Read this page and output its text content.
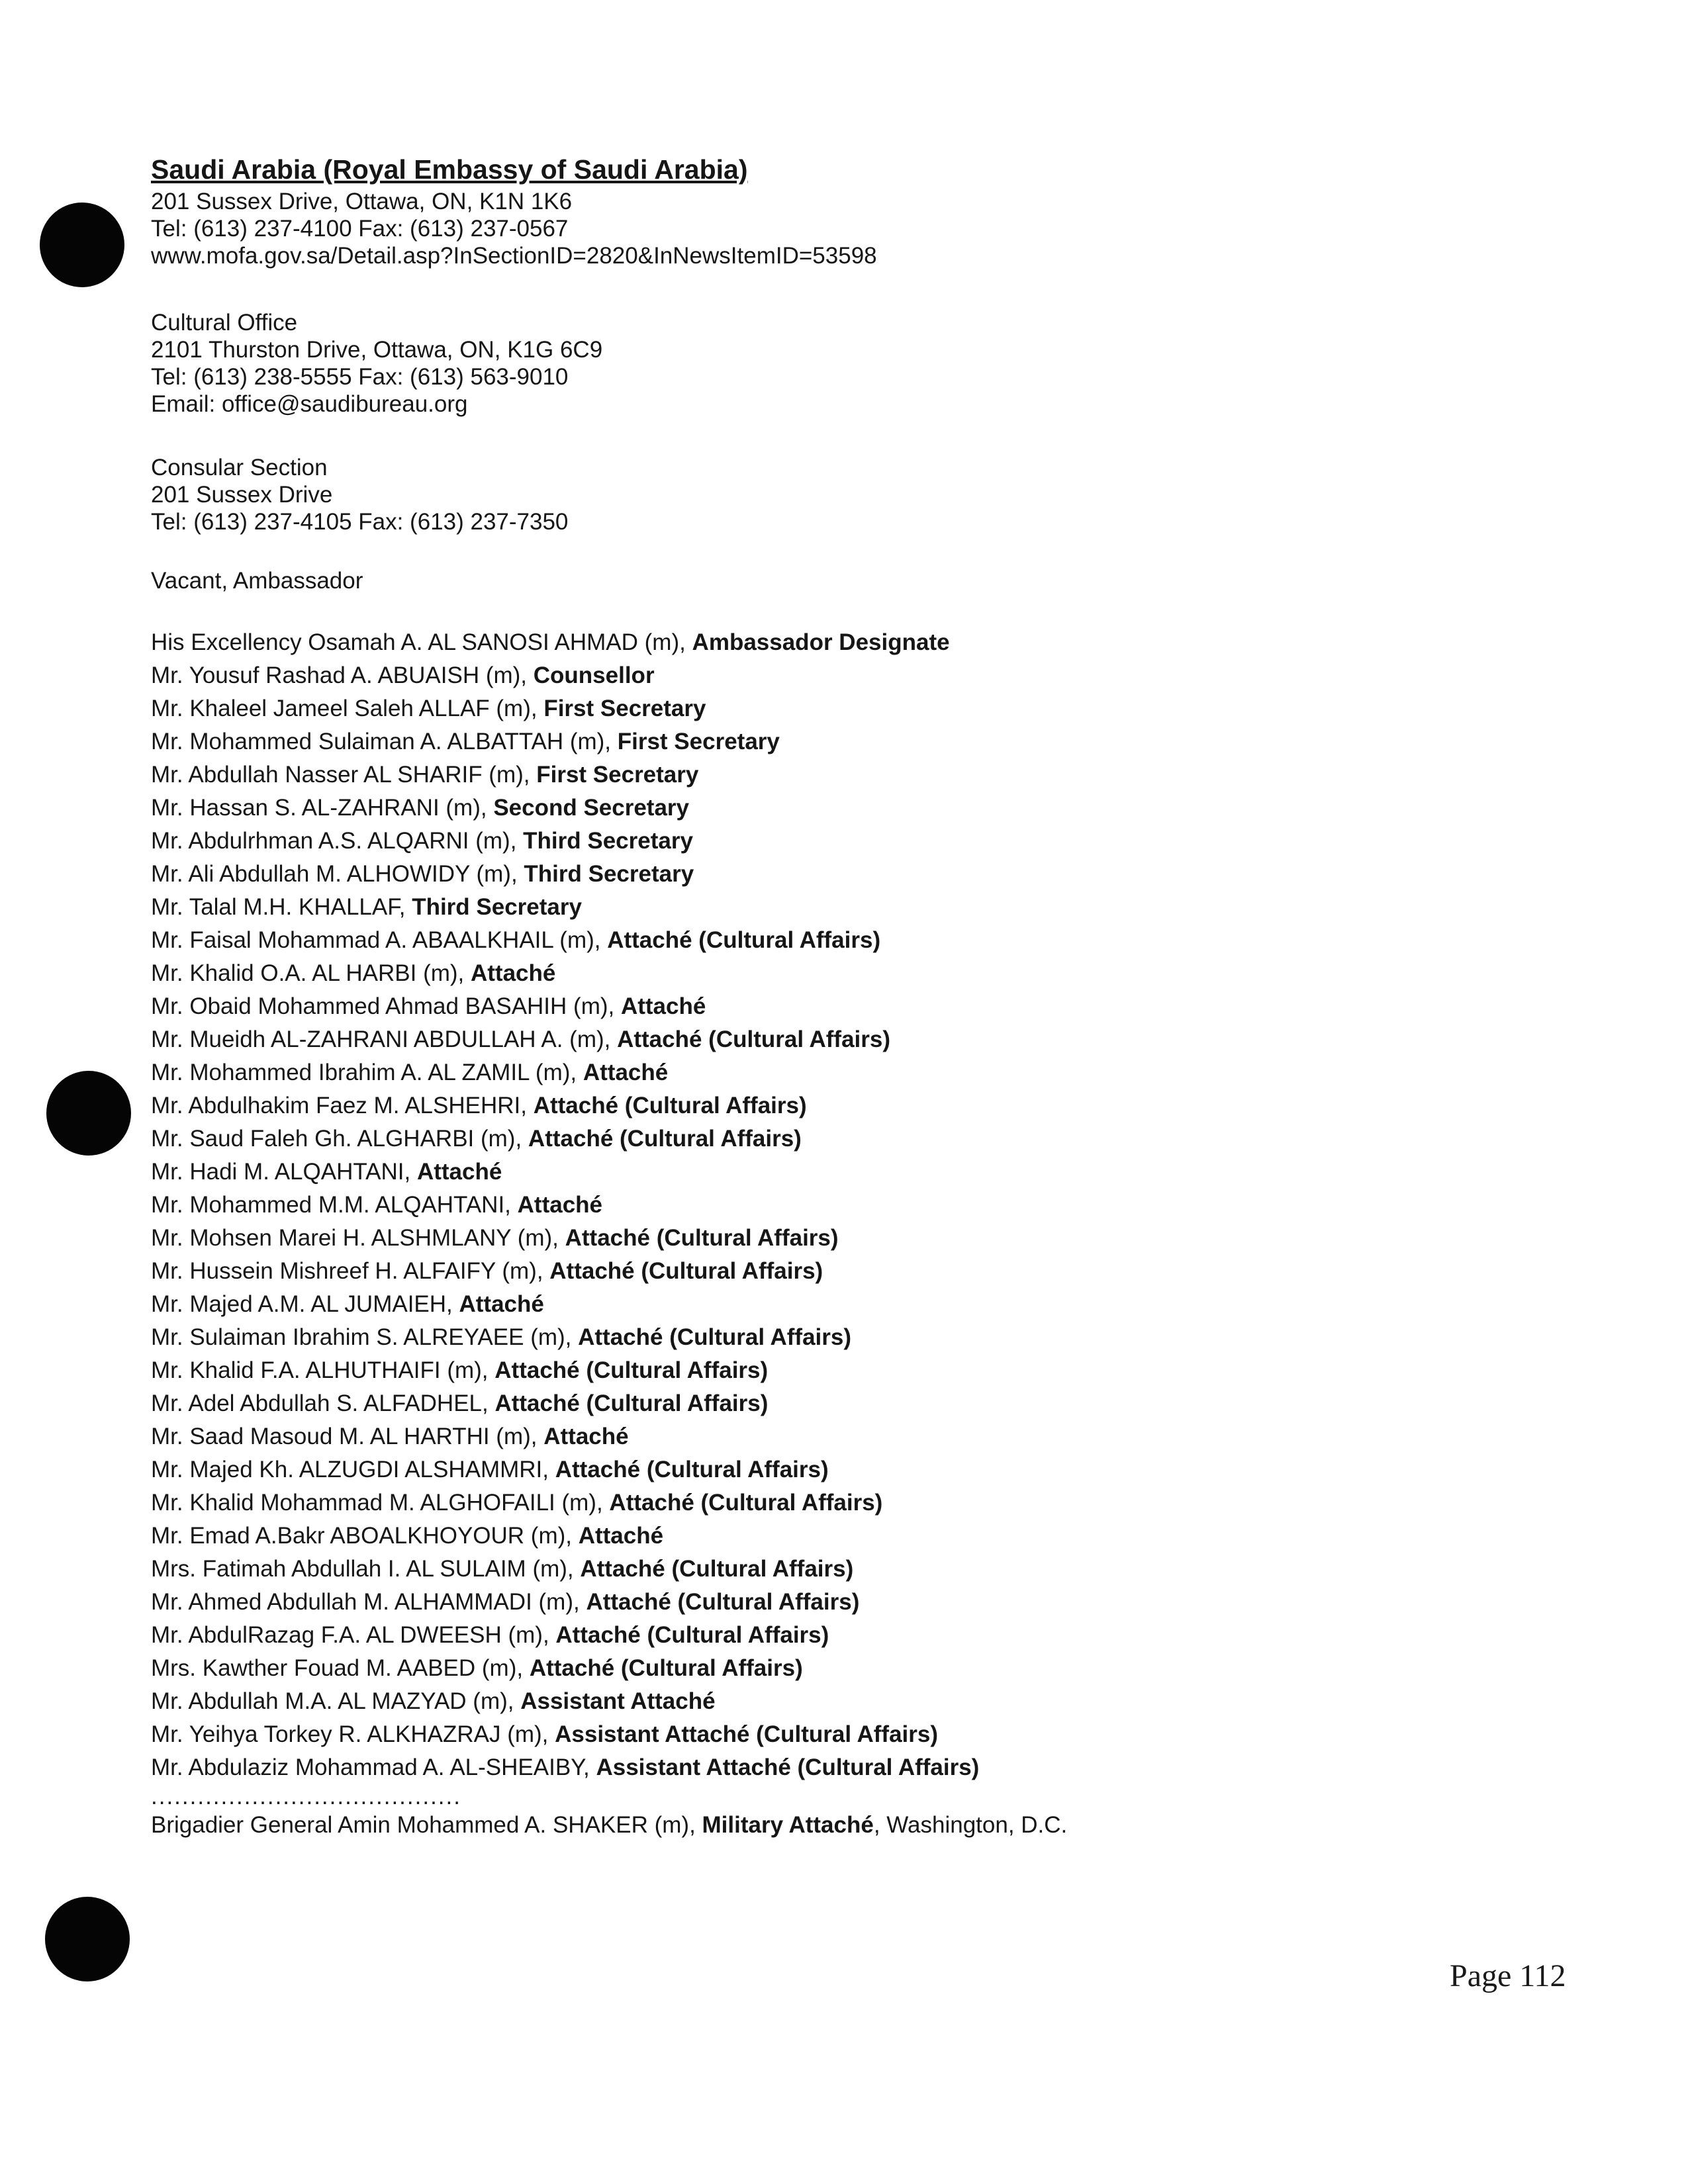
Saudi Arabia (Royal Embassy of Saudi Arabia)
201 Sussex Drive, Ottawa, ON, K1N 1K6
Tel: (613) 237-4100 Fax: (613) 237-0567
www.mofa.gov.sa/Detail.asp?InSectionID=2820&InNewsItemID=53598
Cultural Office
2101 Thurston Drive, Ottawa, ON, K1G 6C9
Tel: (613) 238-5555 Fax: (613) 563-9010
Email: office@saudibureau.org
Consular Section
201 Sussex Drive
Tel: (613) 237-4105 Fax: (613) 237-7350
Vacant, Ambassador
His Excellency Osamah A. AL SANOSI AHMAD (m), Ambassador Designate
Mr. Yousuf Rashad A. ABUAISH (m), Counsellor
Mr. Khaleel Jameel Saleh ALLAF (m), First Secretary
Mr. Mohammed Sulaiman A. ALBATTAH (m), First Secretary
Mr. Abdullah Nasser AL SHARIF (m), First Secretary
Mr. Hassan S. AL-ZAHRANI (m), Second Secretary
Mr. Abdulrhman A.S. ALQARNI (m), Third Secretary
Mr. Ali Abdullah M. ALHOWIDY (m), Third Secretary
Mr. Talal M.H. KHALLAF, Third Secretary
Mr. Faisal Mohammad A. ABAALKHAIL (m), Attaché (Cultural Affairs)
Mr. Khalid O.A. AL HARBI (m), Attaché
Mr. Obaid Mohammed Ahmad BASAHIH (m), Attaché
Mr. Mueidh AL-ZAHRANI ABDULLAH A. (m), Attaché (Cultural Affairs)
Mr. Mohammed Ibrahim A. AL ZAMIL (m), Attaché
Mr. Abdulhakim Faez M. ALSHEHRI, Attaché (Cultural Affairs)
Mr. Saud Faleh Gh. ALGHARBI (m), Attaché (Cultural Affairs)
Mr. Hadi M. ALQAHTANI, Attaché
Mr. Mohammed M.M. ALQAHTANI, Attaché
Mr. Mohsen Marei H. ALSHMLANY (m), Attaché (Cultural Affairs)
Mr. Hussein Mishreef H. ALFAIFY (m), Attaché (Cultural Affairs)
Mr. Majed A.M. AL JUMAIEH, Attaché
Mr. Sulaiman Ibrahim S. ALREYAEE (m), Attaché (Cultural Affairs)
Mr. Khalid F.A. ALHUTHAIFI (m), Attaché (Cultural Affairs)
Mr. Adel Abdullah S. ALFADHEL, Attaché (Cultural Affairs)
Mr. Saad Masoud M. AL HARTHI (m), Attaché
Mr. Majed Kh. ALZUGDI ALSHAMMRI, Attaché (Cultural Affairs)
Mr. Khalid Mohammad M. ALGHOFAILI (m), Attaché (Cultural Affairs)
Mr. Emad A.Bakr ABOALKHOYOUR (m), Attaché
Mrs. Fatimah Abdullah I. AL SULAIM (m), Attaché (Cultural Affairs)
Mr. Ahmed Abdullah M. ALHAMMADI (m), Attaché (Cultural Affairs)
Mr. AbdulRazag F.A. AL DWEESH (m), Attaché (Cultural Affairs)
Mrs. Kawther Fouad M. AABED (m), Attaché (Cultural Affairs)
Mr. Abdullah M.A. AL MAZYAD (m), Assistant Attaché
Mr. Yeihya Torkey R. ALKHAZRAJ (m), Assistant Attaché (Cultural Affairs)
Mr. Abdulaziz Mohammad A. AL-SHEAIBY, Assistant Attaché (Cultural Affairs)
........................................
Brigadier General Amin Mohammed A. SHAKER (m), Military Attaché, Washington, D.C.
Page 112
